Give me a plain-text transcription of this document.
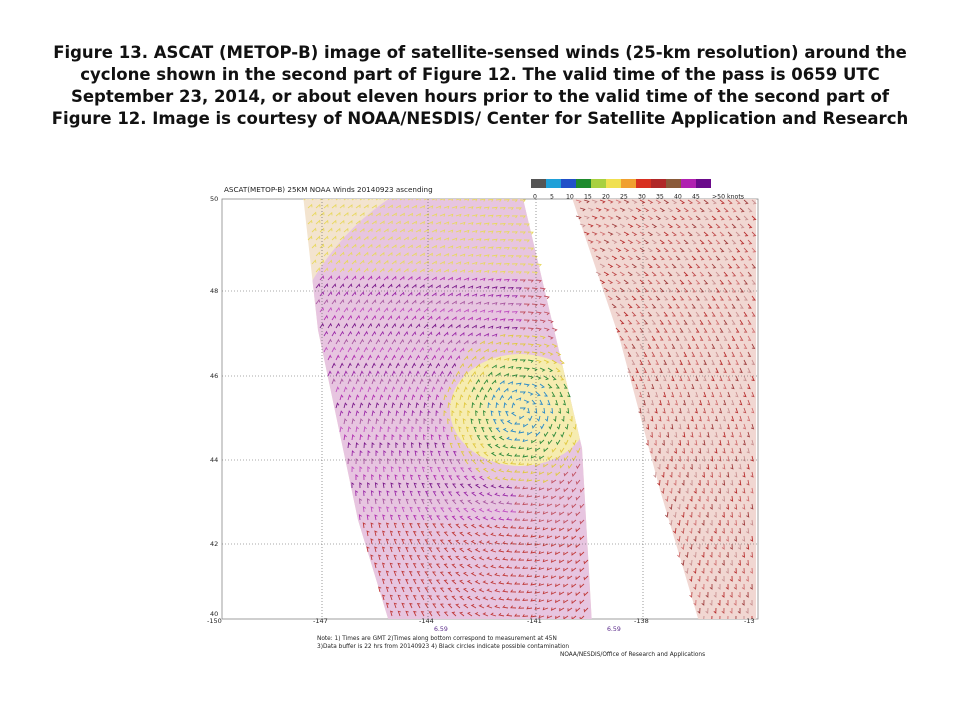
Figure 13. ASCAT (METOP-B) image of satellite-sensed winds (25-km resolution) around the cyclone shown in the second part of Figure 12. The valid time of the pass is 0659 UTC September 23, 2014, or about eleven hours prior to the valid time of the second part of Figure 12. Image is courtesy of NOAA/NESDIS/ Center for Satellite Application and Research
ASCAT(METOP-B) 25KM NOAA Winds 20140923 ascending
0 5 10 15 20 25 30 35 40 45 >50 knots
50
48
46
44
42
40
-150	-147	-144	-141	-138	-13
6.59	6.59
Note: 1) Times are GMT 2)Times along bottom correspond to measurement at 45N
3)Data buffer is 22 hrs from 20140923 4) Black circles indicate possible contamination
NOAA/NESDIS/Office of Research and Applications
